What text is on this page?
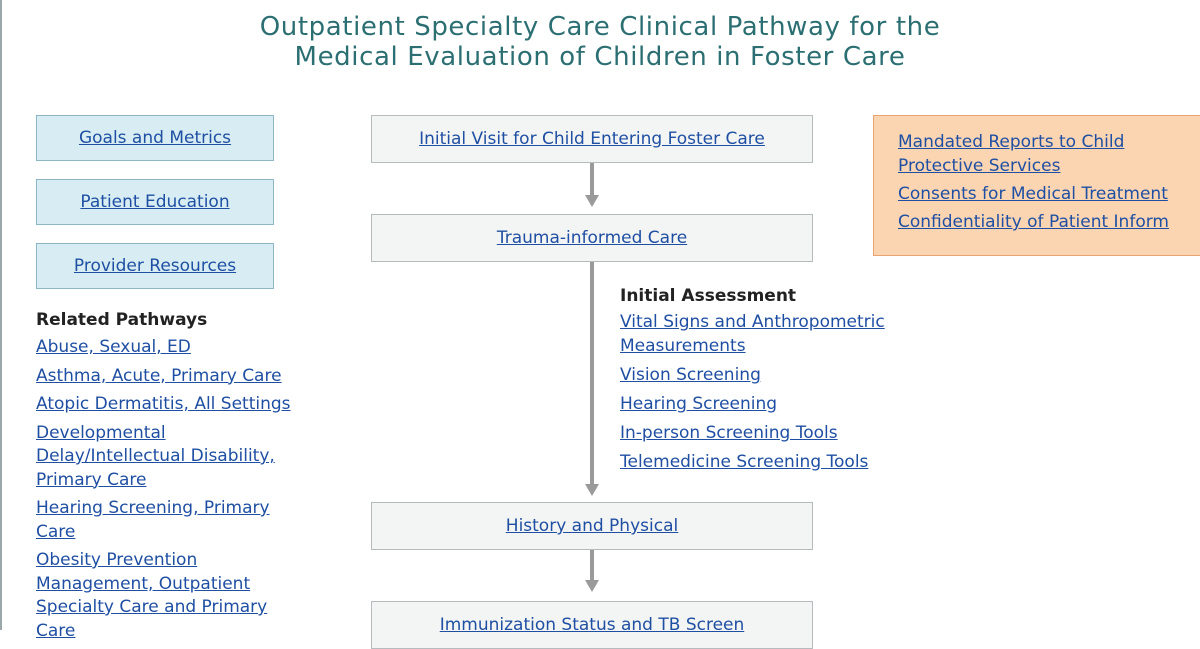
Outpatient Specialty Care Clinical Pathway for the
Medical Evaluation of Children in Foster Care
Goals and Metrics
Patient Education
Provider Resources
Related Pathways
Abuse, Sexual, ED
Asthma, Acute, Primary Care
Atopic Dermatitis, All Settings
Developmental Delay/Intellectual Disability, Primary Care
Hearing Screening, Primary Care
Obesity Prevention Management, Outpatient Specialty Care and Primary Care
Initial Visit for Child Entering Foster Care
Trauma-informed Care
History and Physical
Immunization Status and TB Screen
Initial Assessment
Vital Signs and Anthropometric Measurements
Vision Screening
Hearing Screening
In-person Screening Tools
Telemedicine Screening Tools
Mandated Reports to Child Protective Services
Consents for Medical Treatment
Confidentiality of Patient Inform
